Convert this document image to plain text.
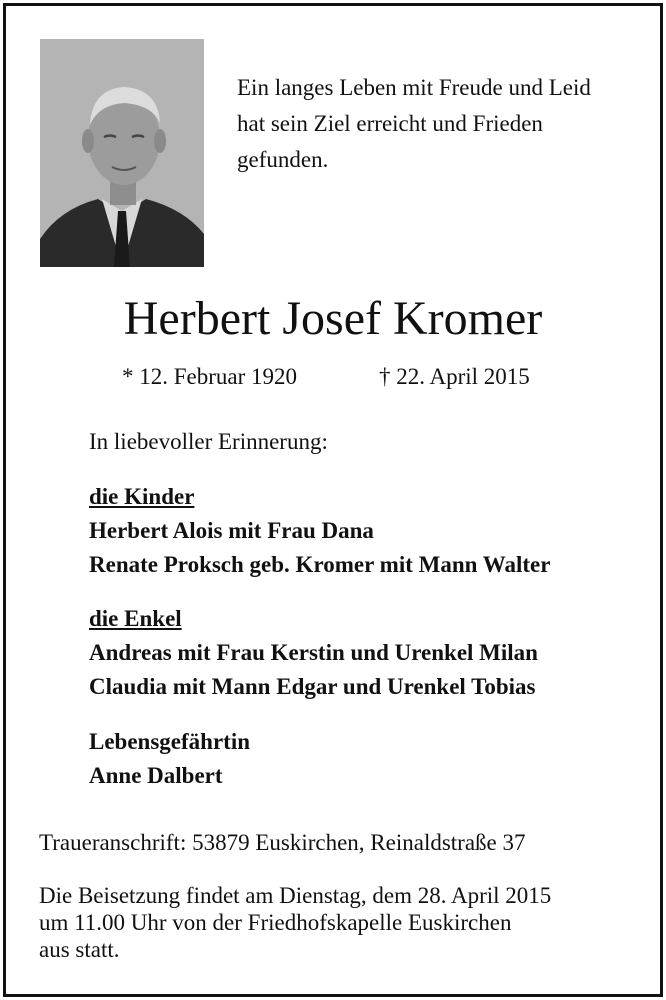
Ein langes Leben mit Freude und Leid
hat sein Ziel erreicht und Frieden
gefunden.
Herbert Josef Kromer
* 12. Februar 1920	† 22. April 2015
In liebevoller Erinnerung:
die Kinder
Herbert Alois mit Frau Dana
Renate Proksch geb. Kromer mit Mann Walter
die Enkel
Andreas mit Frau Kerstin und Urenkel Milan
Claudia mit Mann Edgar und Urenkel Tobias
Lebensgefährtin
Anne Dalbert
Traueranschrift: 53879 Euskirchen, Reinaldstraße 37
Die Beisetzung findet am Dienstag, dem 28. April 2015
um 11.00 Uhr von der Friedhofskapelle Euskirchen
aus statt.
